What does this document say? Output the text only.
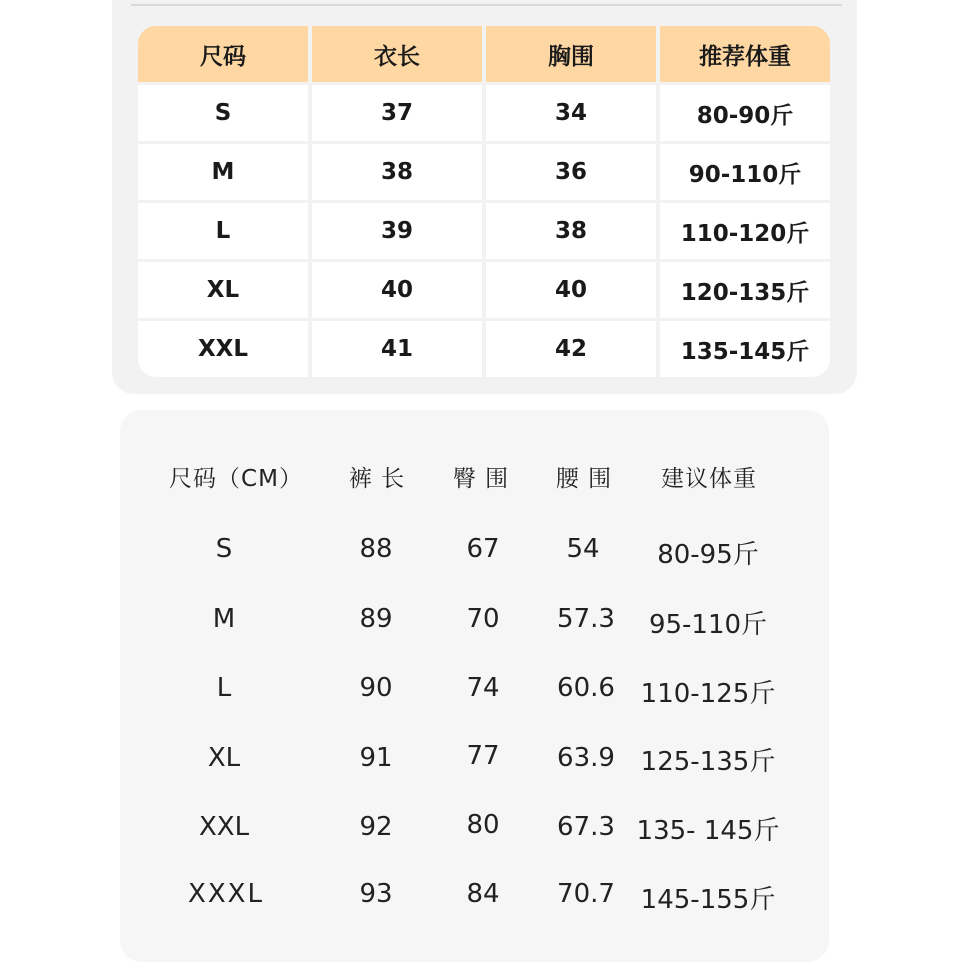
尺码	衣长	胸围	推荐体重
S	37	34	80-90斤
M	38	36	90-110斤
L	39	38	110-120斤
XL	40	40	120-135斤
XXL	41	42	135-145斤
尺码（CM） 裤 长 臀 围 腰 围 建议体重
S	88	67	54 80-95斤
M	89	70 57.3 95-110斤
L	90	74 60.6 110-125斤
XL	91	77 63.9 125-135斤
XXL	92	80 67.3 135- 145斤
XXXL	93	84 70.7 145-155斤
